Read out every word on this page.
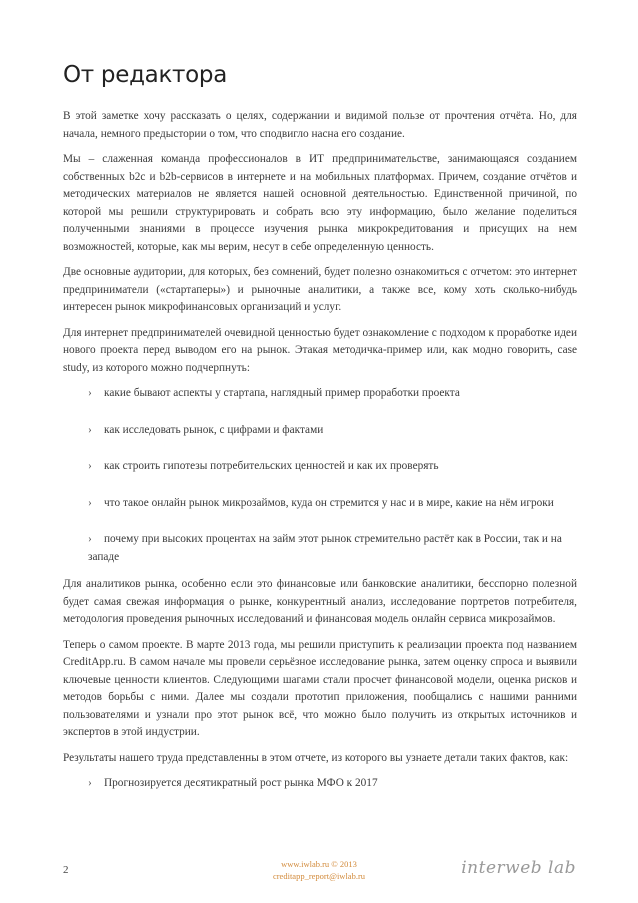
От редактора

В этой заметке хочу рассказать о целях, содержании и видимой пользе от прочтения отчёта. Но, для начала, немного предыстории о том, что сподвигло насна его создание.

Мы – слаженная команда профессионалов в ИТ предпринимательстве, занимающаяся созданием собственных b2c и b2b-сервисов в интернете и на мобильных платформах. Причем, создание отчётов и методических материалов не является нашей основной деятельностью. Единственной причиной, по которой мы решили структурировать и собрать всю эту информацию, было желание поделиться полученными знаниями в процессе изучения рынка микрокредитования и присущих на нем возможностей, которые, как мы верим, несут в себе определенную ценность.

Две основные аудитории, для которых, без сомнений, будет полезно ознакомиться с отчетом: это интернет предприниматели («стартаперы») и рыночные аналитики, а также все, кому хоть сколько-нибудь интересен рынок микрофинансовых организаций и услуг.

Для интернет предпринимателей очевидной ценностью будет ознакомление с подходом к проработке идеи нового проекта перед выводом его на рынок. Этакая методичка-пример или, как модно говорить, case study, из которого можно подчерпнуть:

› какие бывают аспекты у стартапа, наглядный пример проработки проекта
› как исследовать рынок, с цифрами и фактами
› как строить гипотезы потребительских ценностей и как их проверять
› что такое онлайн рынок микрозаймов, куда он стремится у нас и в мире, какие на нём игроки
› почему при высоких процентах на займ этот рынок стремительно растёт как в России, так и на западе

Для аналитиков рынка, особенно если это финансовые или банковские аналитики, бесспорно полезной будет самая свежая информация о рынке, конкурентный анализ, исследование портретов потребителя, методология проведения рыночных исследований и финансовая модель онлайн сервиса микрозаймов.

Теперь о самом проекте. В марте 2013 года, мы решили приступить к реализации проекта под названием CreditApp.ru. В самом начале мы провели серьёзное исследование рынка, затем оценку спроса и выявили ключевые ценности клиентов. Следующими шагами стали просчет финансовой модели, оценка рисков и методов борьбы с ними. Далее мы создали прототип приложения, пообщались с нашими ранними пользователями и узнали про этот рынок всё, что можно было получить из открытых источников и экспертов в этой индустрии.

Результаты нашего труда представленны в этом отчете, из которого вы узнаете детали таких фактов, как:

› Прогнозируется десятикратный рост рынка МФО к 2017
2	www.iwlab.ru © 2013
creditapp_report@iwlab.ru	interweb lab
